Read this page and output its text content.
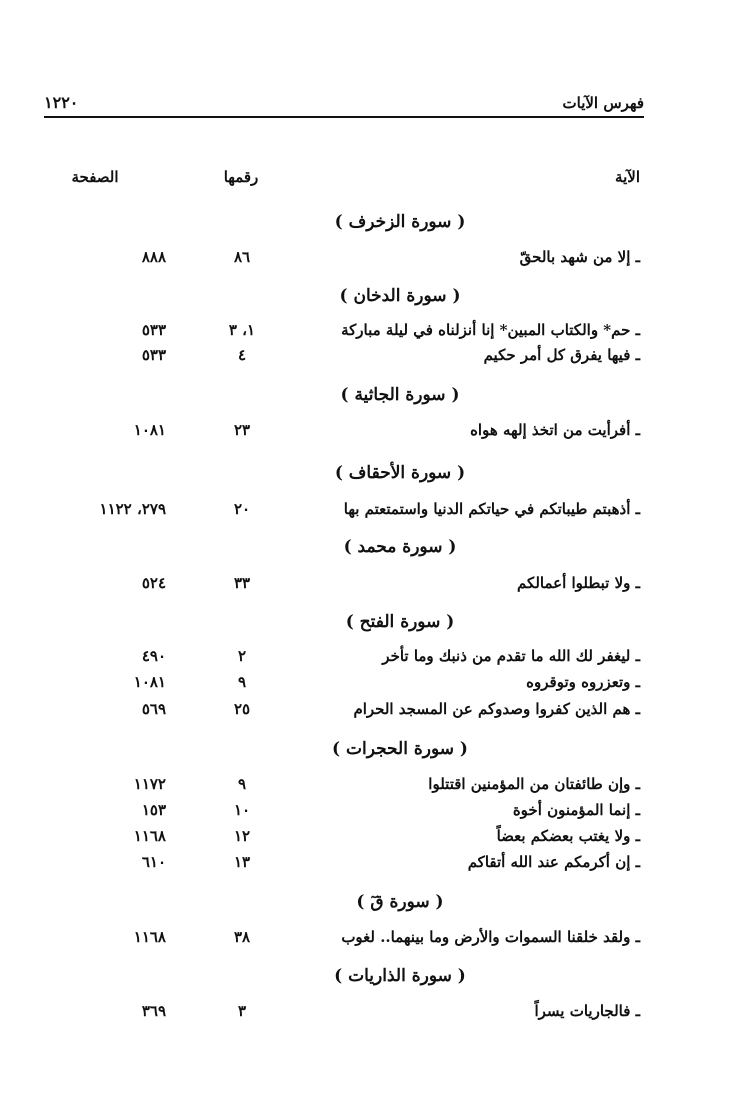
فهرس الآيات
١٢٢٠
الآية
رقمها
الصفحة
( سورة الزخرف )
ـ إلا من شهد بالحقّ
٨٦
٨٨٨
( سورة الدخان )
ـ حم* والكتاب المبين* إنا أنزلناه في ليلة مباركة
١، ٣
٥٣٣
ـ فيها يفرق كل أمر حكيم
٤
٥٣٣
( سورة الجاثية )
ـ أفرأيت من اتخذ إلهه هواه
٢٣
١٠٨١
( سورة الأحقاف )
ـ أذهبتم طيباتكم في حياتكم الدنيا واستمتعتم بها
٢٠
٢٧٩، ١١٢٢
( سورة محمد )
ـ ولا تبطلوا أعمالكم
٣٣
٥٢٤
( سورة الفتح )
ـ ليغفر لك الله ما تقدم من ذنبك وما تأخر
٢
٤٩٠
ـ وتعزروه وتوقروه
٩
١٠٨١
ـ هم الذين كفروا وصدوكم عن المسجد الحرام
٢٥
٥٦٩
( سورة الحجرات )
ـ وإن طائفتان من المؤمنين اقتتلوا
٩
١١٧٢
ـ إنما المؤمنون أخوة
١٠
١٥٣
ـ ولا يغتب بعضكم بعضاً
١٢
١١٦٨
ـ إن أكرمكم عند الله أتقاكم
١٣
٦١٠
( سورة قٓ )
ـ ولقد خلقنا السموات والأرض وما بينهما.. لغوب
٣٨
١١٦٨
( سورة الذاريات )
ـ فالجاريات يسراً
٣
٣٦٩
